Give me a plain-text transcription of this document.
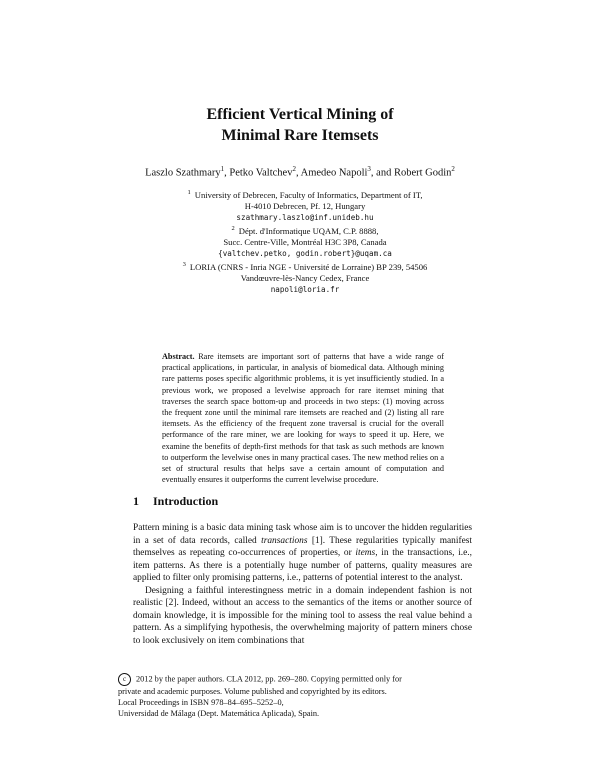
Efficient Vertical Mining of
Minimal Rare Itemsets
Laszlo Szathmary$^1$, Petko Valtchev$^2$, Amedeo Napoli$^3$, and Robert Godin$^2$
$^1$ University of Debrecen, Faculty of Informatics, Department of IT,
H-4010 Debrecen, Pf. 12, Hungary
szathmary.laszlo@inf.unideb.hu
$^2$ Dépt. d'Informatique UQAM, C.P. 8888,
Succ. Centre-Ville, Montréal H3C 3P8, Canada
{valtchev.petko, godin.robert}@uqam.ca
$^3$ LORIA (CNRS - Inria NGE - Université de Lorraine) BP 239, 54506
Vandœuvre-lès-Nancy Cedex, France
napoli@loria.fr
Abstract. Rare itemsets are important sort of patterns that have a wide range of practical applications, in particular, in analysis of biomedical data. Although mining rare patterns poses specific algorithmic problems, it is yet insufficiently studied. In a previous work, we proposed a levelwise approach for rare itemset mining that traverses the search space bottom-up and proceeds in two steps: (1) moving across the frequent zone until the minimal rare itemsets are reached and (2) listing all rare itemsets. As the efficiency of the frequent zone traversal is crucial for the overall performance of the rare miner, we are looking for ways to speed it up. Here, we examine the benefits of depth-first methods for that task as such methods are known to outperform the levelwise ones in many practical cases. The new method relies on a set of structural results that helps save a certain amount of computation and eventually ensures it outperforms the current levelwise procedure.
1 Introduction

Pattern mining is a basic data mining task whose aim is to uncover the hidden regularities in a set of data records, called transactions [1]. These regularities typically manifest themselves as repeating co-occurrences of properties, or items, in the transactions, i.e., item patterns. As there is a potentially huge number of patterns, quality measures are applied to filter only promising patterns, i.e., patterns of potential interest to the analyst.

Designing a faithful interestingness metric in a domain independent fashion is not realistic [2]. Indeed, without an access to the semantics of the items or another source of domain knowledge, it is impossible for the mining tool to assess the real value behind a pattern. As a simplifying hypothesis, the overwhelming majority of pattern miners chose to look exclusively on item combinations that

c 2012 by the paper authors. CLA 2012, pp. 269–280. Copying permitted only for
private and academic purposes. Volume published and copyrighted by its editors.
Local Proceedings in ISBN 978–84–695–5252–0,
Universidad de Málaga (Dept. Matemática Aplicada), Spain.
